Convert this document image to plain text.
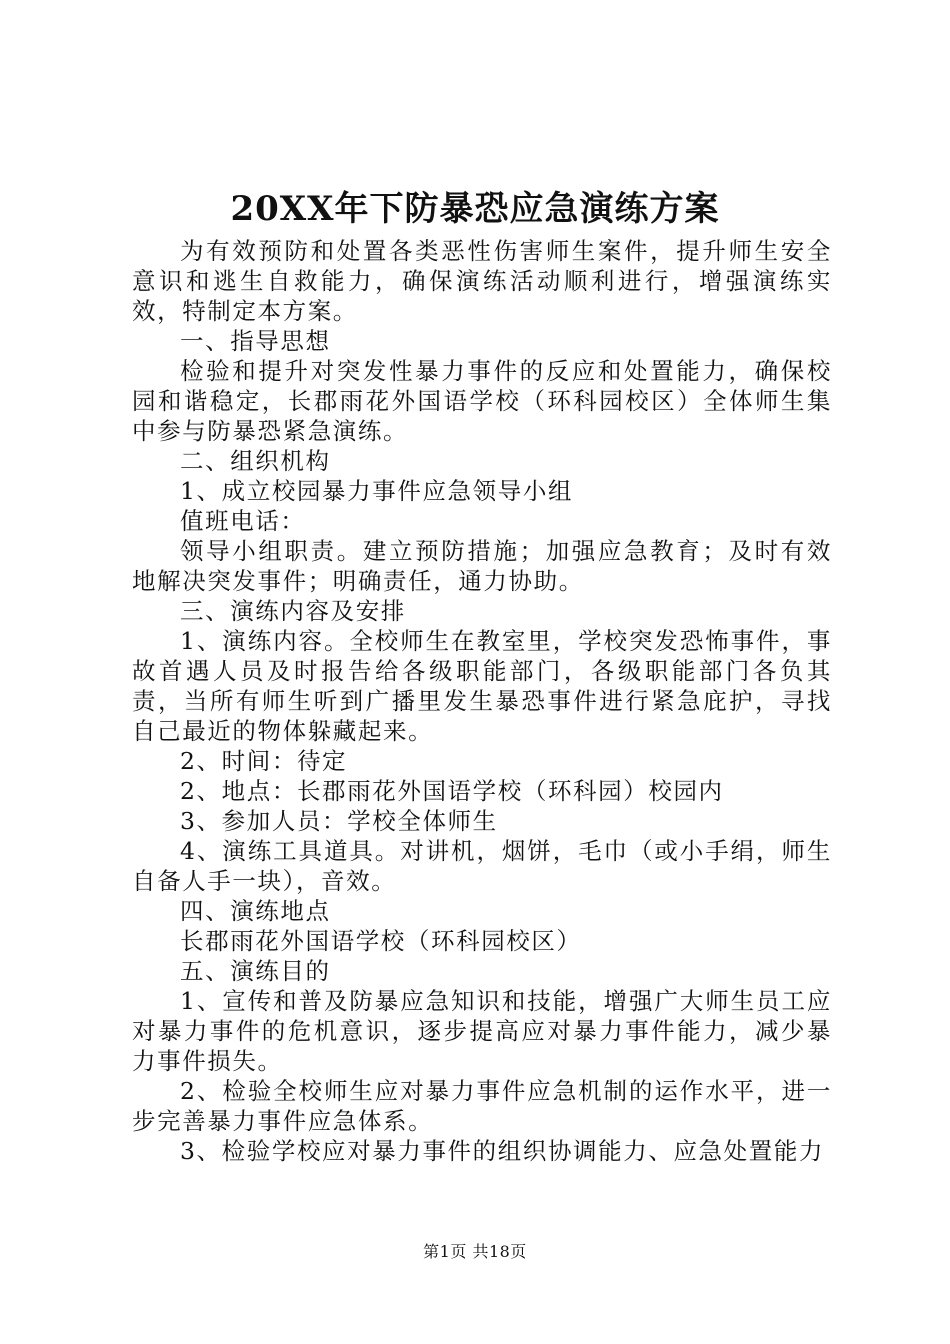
20XX年下防暴恐应急演练方案

为有效预防和处置各类恶性伤害师生案件，提升师生安全意识和逃生自救能力，确保演练活动顺利进行，增强演练实效，特制定本方案。

一、指导思想

检验和提升对突发性暴力事件的反应和处置能力，确保校园和谐稳定，长郡雨花外国语学校（环科园校区）全体师生集中参与防暴恐紧急演练。

二、组织机构

1、成立校园暴力事件应急领导小组

值班电话：

领导小组职责。建立预防措施；加强应急教育；及时有效地解决突发事件；明确责任，通力协助。

三、演练内容及安排

1、演练内容。全校师生在教室里，学校突发恐怖事件，事故首遇人员及时报告给各级职能部门，各级职能部门各负其责，当所有师生听到广播里发生暴恐事件进行紧急庇护，寻找自己最近的物体躲藏起来。

2、时间：待定

2、地点：长郡雨花外国语学校（环科园）校园内

3、参加人员：学校全体师生

4、演练工具道具。对讲机，烟饼，毛巾（或小手绢，师生自备人手一块），音效。

四、演练地点

长郡雨花外国语学校（环科园校区）

五、演练目的

1、宣传和普及防暴应急知识和技能，增强广大师生员工应对暴力事件的危机意识，逐步提高应对暴力事件能力，减少暴力事件损失。

2、检验全校师生应对暴力事件应急机制的运作水平，进一步完善暴力事件应急体系。

3、检验学校应对暴力事件的组织协调能力、应急处置能力

第1页 共18页
